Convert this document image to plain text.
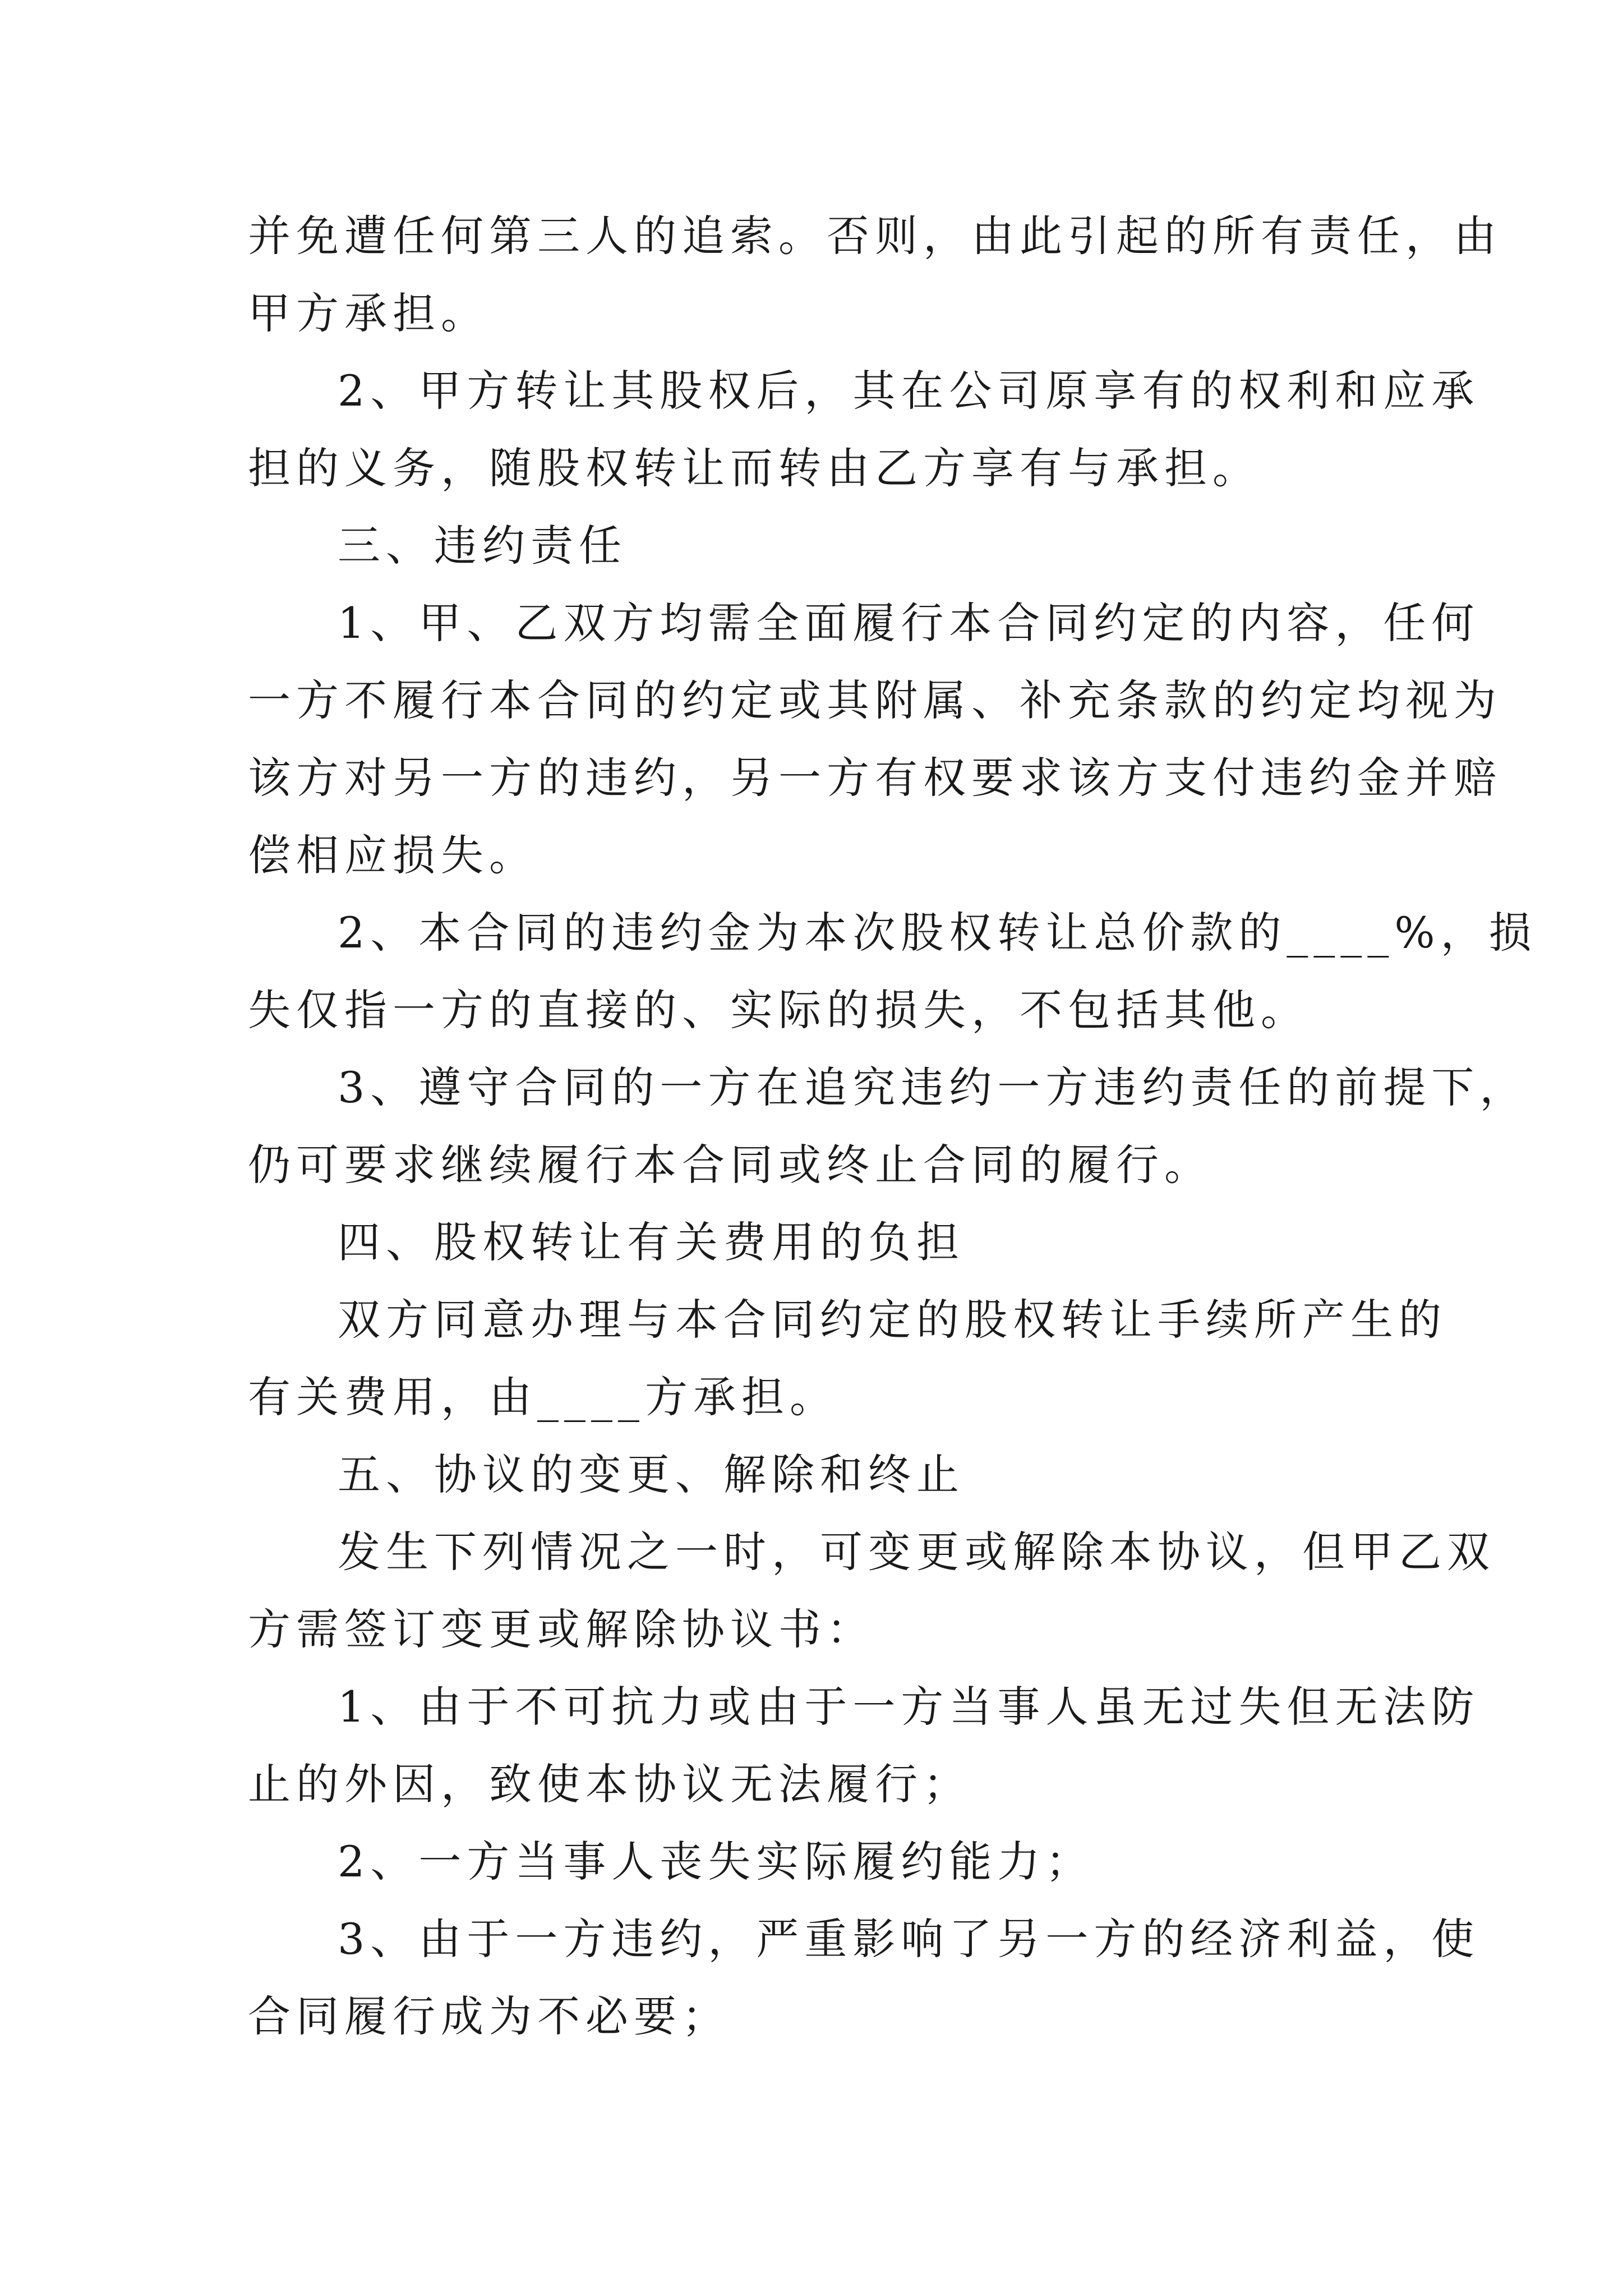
并免遭任何第三人的追索。否则，由此引起的所有责任，由
甲方承担。
2、甲方转让其股权后，其在公司原享有的权利和应承
担的义务，随股权转让而转由乙方享有与承担。
三、违约责任
1、甲、乙双方均需全面履行本合同约定的内容，任何
一方不履行本合同的约定或其附属、补充条款的约定均视为
该方对另一方的违约，另一方有权要求该方支付违约金并赔
偿相应损失。
2、本合同的违约金为本次股权转让总价款的____%，损
失仅指一方的直接的、实际的损失，不包括其他。
3、遵守合同的一方在追究违约一方违约责任的前提下，
仍可要求继续履行本合同或终止合同的履行。
四、股权转让有关费用的负担
双方同意办理与本合同约定的股权转让手续所产生的
有关费用，由____方承担。
五、协议的变更、解除和终止
发生下列情况之一时，可变更或解除本协议，但甲乙双
方需签订变更或解除协议书：
1、由于不可抗力或由于一方当事人虽无过失但无法防
止的外因，致使本协议无法履行；
2、一方当事人丧失实际履约能力；
3、由于一方违约，严重影响了另一方的经济利益，使
合同履行成为不必要；
